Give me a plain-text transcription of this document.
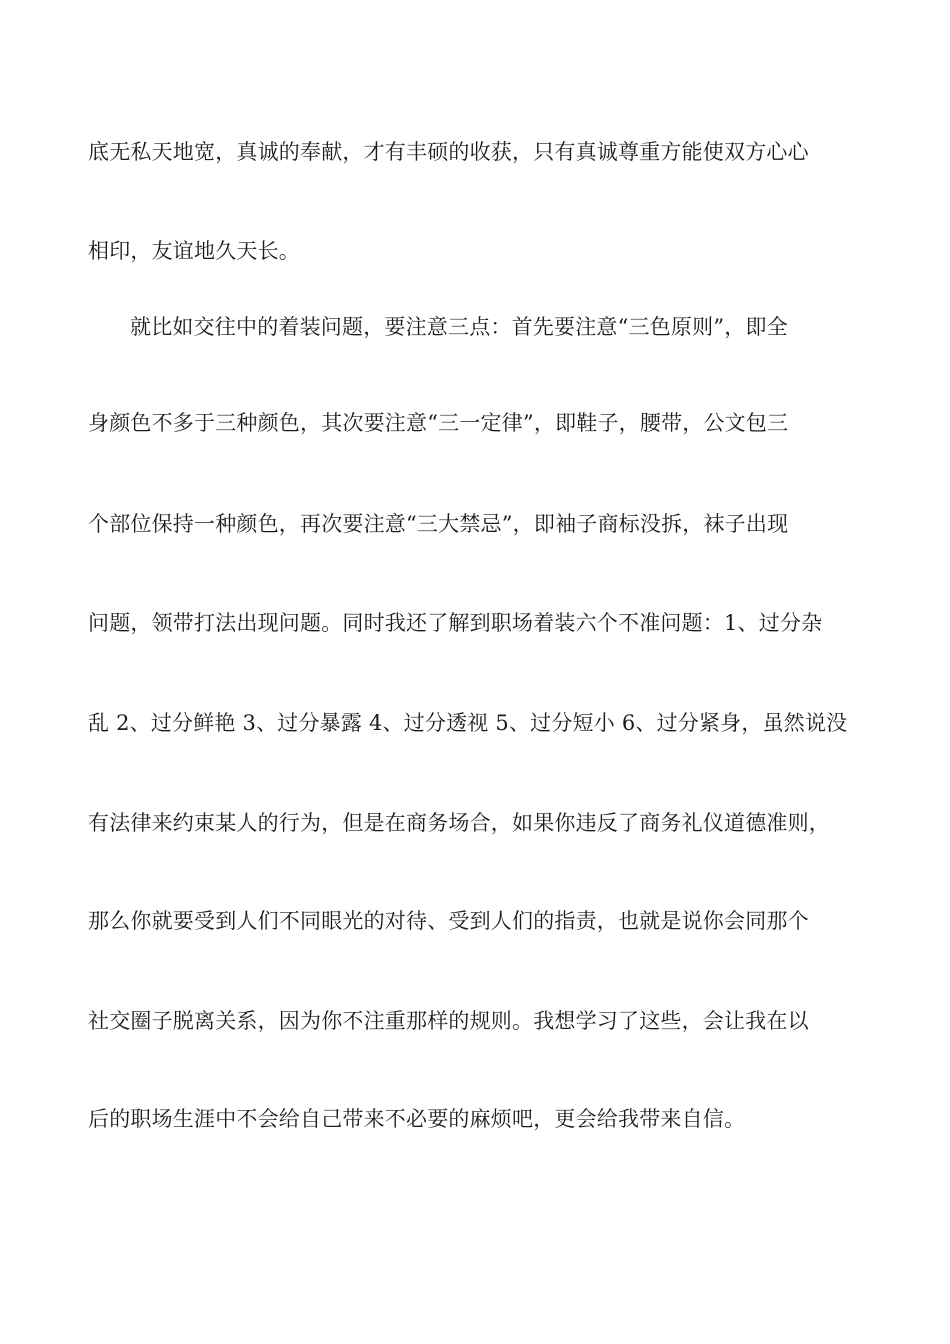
底无私天地宽，真诚的奉献，才有丰硕的收获，只有真诚尊重方能使双方心心
相印，友谊地久天长。
就比如交往中的着装问题，要注意三点：首先要注意“三色原则”，即全
身颜色不多于三种颜色，其次要注意“三一定律”，即鞋子，腰带，公文包三
个部位保持一种颜色，再次要注意“三大禁忌”，即袖子商标没拆，袜子出现
问题，领带打法出现问题。同时我还了解到职场着装六个不准问题：1、过分杂
乱 2、过分鲜艳 3、过分暴露 4、过分透视 5、过分短小 6、过分紧身，虽然说没
有法律来约束某人的行为，但是在商务场合，如果你违反了商务礼仪道德准则，
那么你就要受到人们不同眼光的对待、受到人们的指责，也就是说你会同那个
社交圈子脱离关系，因为你不注重那样的规则。我想学习了这些，会让我在以
后的职场生涯中不会给自己带来不必要的麻烦吧，更会给我带来自信。
